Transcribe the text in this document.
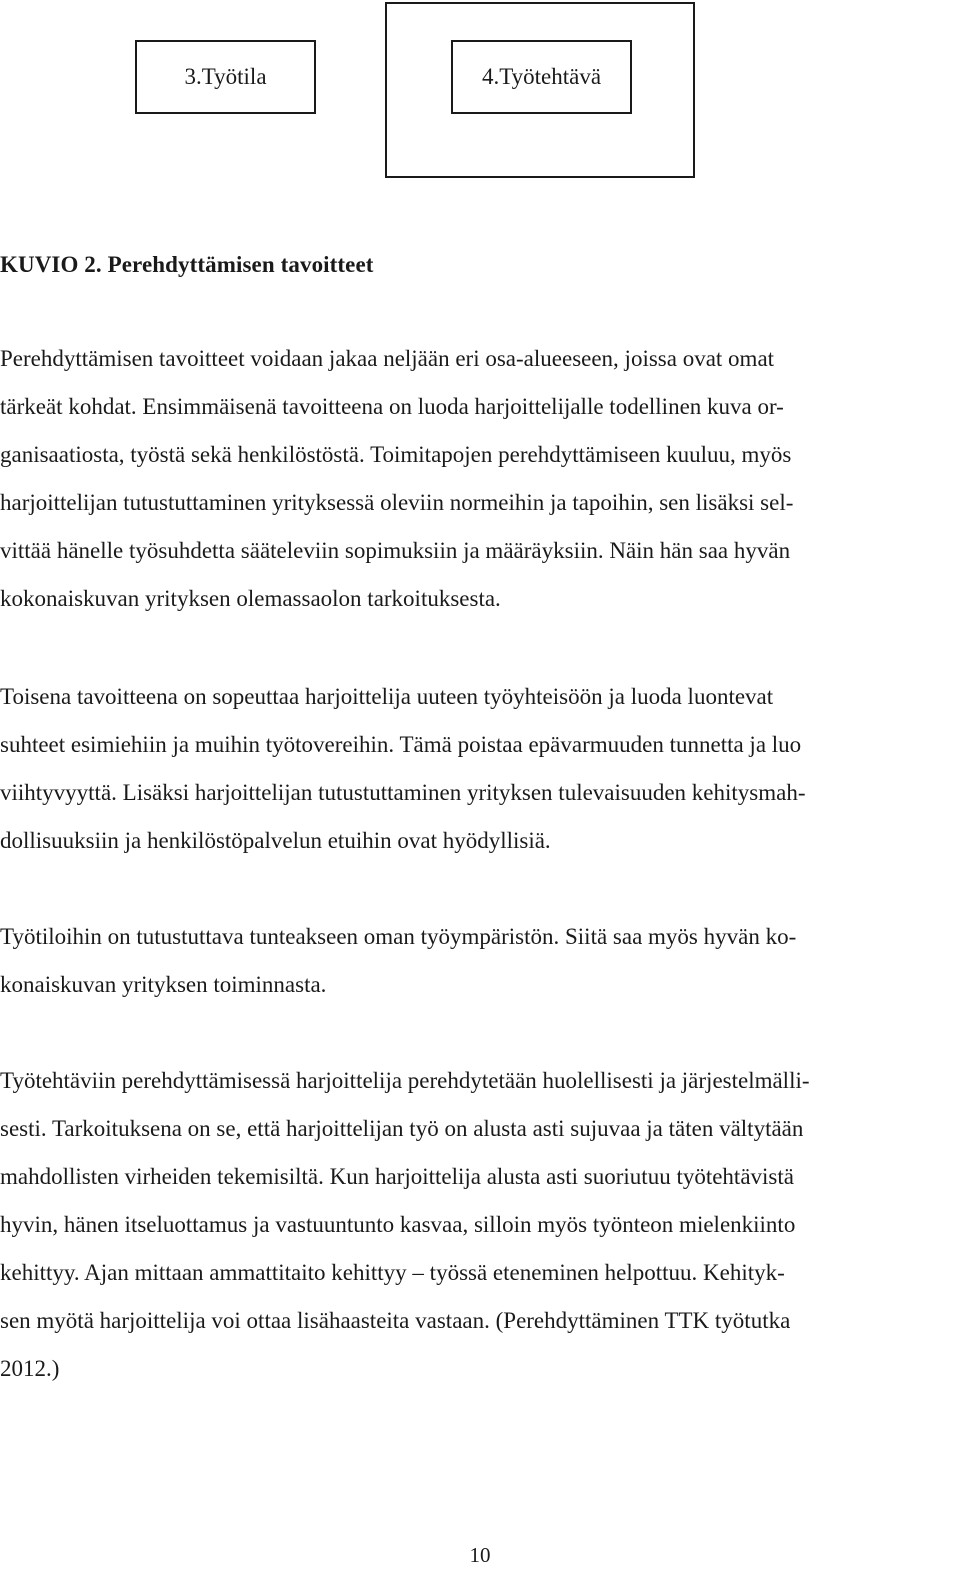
3.Työtila	4.Työtehtävä
KUVIO 2. Perehdyttämisen tavoitteet
Perehdyttämisen tavoitteet voidaan jakaa neljään eri osa-alueeseen, joissa ovat omat
tärkeät kohdat. Ensimmäisenä tavoitteena on luoda harjoittelijalle todellinen kuva or-
ganisaatiosta, työstä sekä henkilöstöstä. Toimitapojen perehdyttämiseen kuuluu, myös
harjoittelijan tutustuttaminen yrityksessä oleviin normeihin ja tapoihin, sen lisäksi sel-
vittää hänelle työsuhdetta sääteleviin sopimuksiin ja määräyksiin. Näin hän saa hyvän
kokonaiskuvan yrityksen olemassaolon tarkoituksesta.
Toisena tavoitteena on sopeuttaa harjoittelija uuteen työyhteisöön ja luoda luontevat
suhteet esimiehiin ja muihin työtovereihin. Tämä poistaa epävarmuuden tunnetta ja luo
viihtyvyyttä. Lisäksi harjoittelijan tutustuttaminen yrityksen tulevaisuuden kehitysmah-
dollisuuksiin ja henkilöstöpalvelun etuihin ovat hyödyllisiä.
Työtiloihin on tutustuttava tunteakseen oman työympäristön. Siitä saa myös hyvän ko-
konaiskuvan yrityksen toiminnasta.
Työtehtäviin perehdyttämisessä harjoittelija perehdytetään huolellisesti ja järjestelmälli-
sesti. Tarkoituksena on se, että harjoittelijan työ on alusta asti sujuvaa ja täten vältytään
mahdollisten virheiden tekemisiltä. Kun harjoittelija alusta asti suoriutuu työtehtävistä
hyvin, hänen itseluottamus ja vastuuntunto kasvaa, silloin myös työnteon mielenkiinto
kehittyy. Ajan mittaan ammattitaito kehittyy – työssä eteneminen helpottuu. Kehityk-
sen myötä harjoittelija voi ottaa lisähaasteita vastaan. (Perehdyttäminen TTK työtutka
2012.)
10
